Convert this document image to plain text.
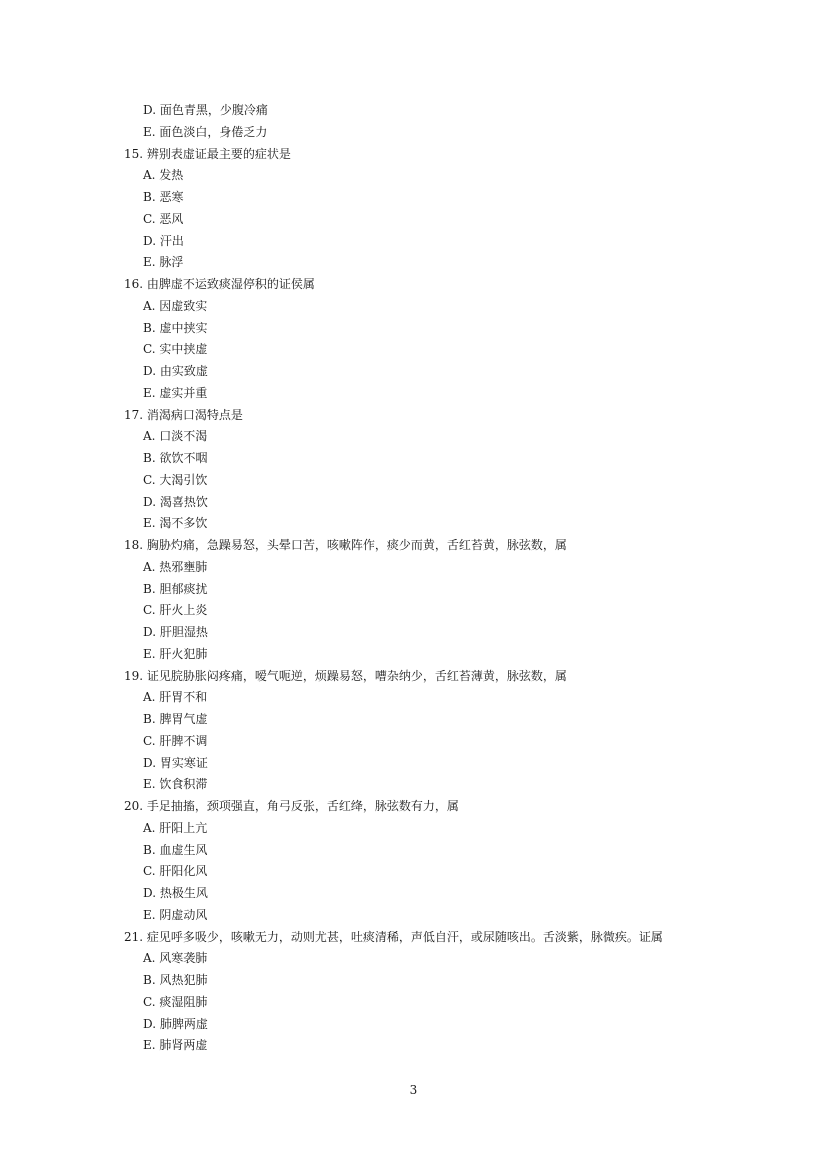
D. 面色青黑，少腹冷痛
E. 面色淡白，身倦乏力
15. 辨别表虚证最主要的症状是
A. 发热
B. 恶寒
C. 恶风
D. 汗出
E. 脉浮
16. 由脾虚不运致痰湿停积的证侯属
A. 因虚致实
B. 虚中挟实
C. 实中挟虚
D. 由实致虚
E. 虚实并重
17. 消渴病口渴特点是
A. 口淡不渴
B. 欲饮不咽
C. 大渴引饮
D. 渴喜热饮
E. 渴不多饮
18. 胸胁灼痛，急躁易怒，头晕口苦，咳嗽阵作，痰少而黄，舌红苔黄，脉弦数，属
A. 热邪壅肺
B. 胆郁痰扰
C. 肝火上炎
D. 肝胆湿热
E. 肝火犯肺
19. 证见脘胁胀闷疼痛，嗳气呃逆，烦躁易怒，嘈杂纳少，舌红苔薄黄，脉弦数，属
A. 肝胃不和
B. 脾胃气虚
C. 肝脾不调
D. 胃实寒证
E. 饮食积滞
20. 手足抽搐，颈项强直，角弓反张，舌红绛，脉弦数有力，属
A. 肝阳上亢
B. 血虚生风
C. 肝阳化风
D. 热极生风
E. 阴虚动风
21. 症见呼多吸少，咳嗽无力，动则尤甚，吐痰清稀，声低自汗，或尿随咳出。舌淡紫，脉微疾。证属
A. 风寒袭肺
B. 风热犯肺
C. 痰湿阻肺
D. 肺脾两虚
E. 肺肾两虚
3
